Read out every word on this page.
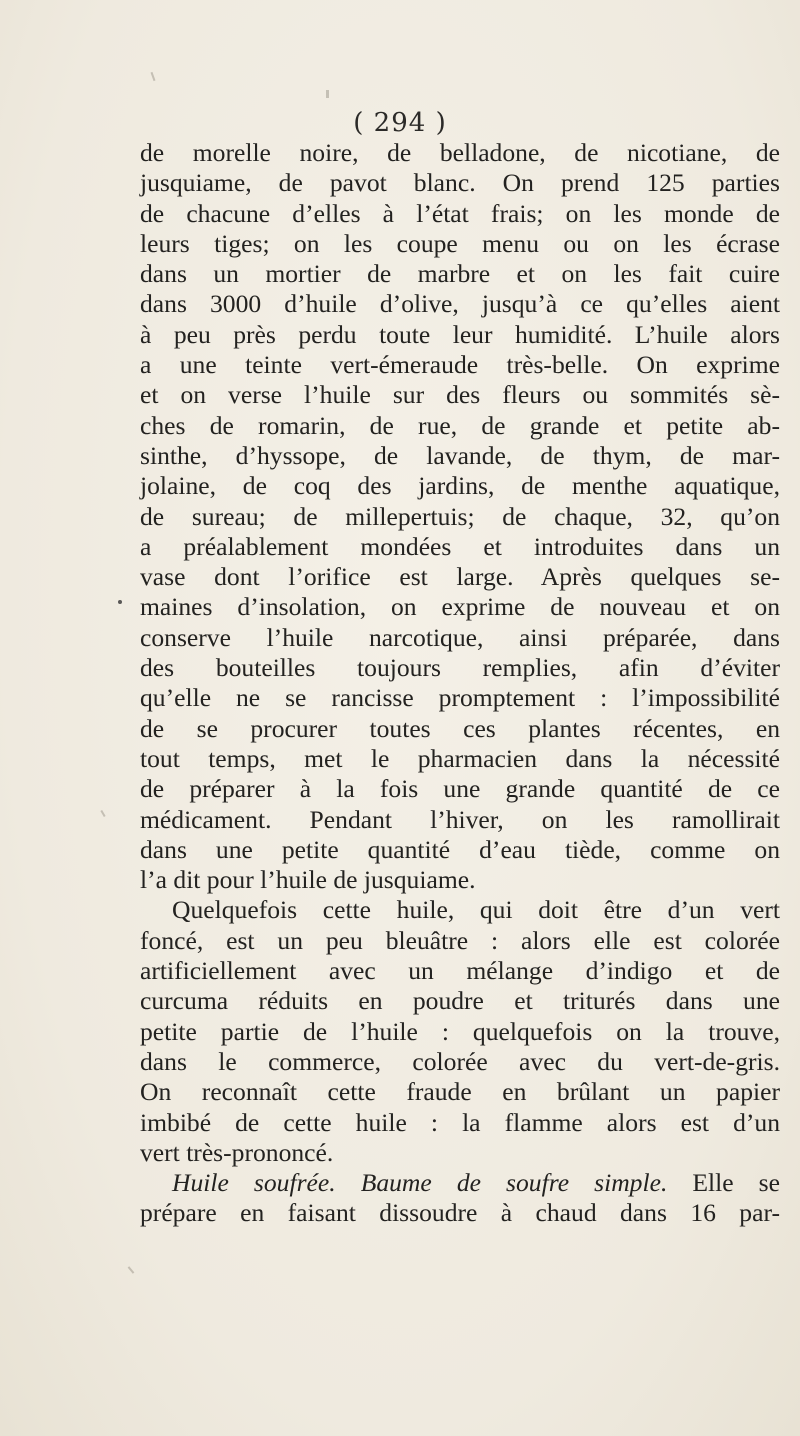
( 294 )
de morelle noire, de belladone, de nicotiane, de
jusquiame, de pavot blanc. On prend 125 parties
de chacune d’elles à l’état frais; on les monde de
leurs tiges; on les coupe menu ou on les écrase
dans un mortier de marbre et on les fait cuire
dans 3000 d’huile d’olive, jusqu’à ce qu’elles aient
à peu près perdu toute leur humidité. L’huile alors
a une teinte vert-émeraude très-belle. On exprime
et on verse l’huile sur des fleurs ou sommités sè-
ches de romarin, de rue, de grande et petite ab-
sinthe, d’hyssope, de lavande, de thym, de mar-
jolaine, de coq des jardins, de menthe aquatique,
de sureau; de millepertuis; de chaque, 32, qu’on
a préalablement mondées et introduites dans un
vase dont l’orifice est large. Après quelques se-
maines d’insolation, on exprime de nouveau et on
conserve l’huile narcotique, ainsi préparée, dans
des bouteilles toujours remplies, afin d’éviter
qu’elle ne se rancisse promptement : l’impossibilité
de se procurer toutes ces plantes récentes, en
tout temps, met le pharmacien dans la nécessité
de préparer à la fois une grande quantité de ce
médicament. Pendant l’hiver, on les ramollirait
dans une petite quantité d’eau tiède, comme on
l’a dit pour l’huile de jusquiame.
Quelquefois cette huile, qui doit être d’un vert
foncé, est un peu bleuâtre : alors elle est colorée
artificiellement avec un mélange d’indigo et de
curcuma réduits en poudre et triturés dans une
petite partie de l’huile : quelquefois on la trouve,
dans le commerce, colorée avec du vert-de-gris.
On reconnaît cette fraude en brûlant un papier
imbibé de cette huile : la flamme alors est d’un
vert très-prononcé.
Huile soufrée. Baume de soufre simple. Elle se
prépare en faisant dissoudre à chaud dans 16 par-
